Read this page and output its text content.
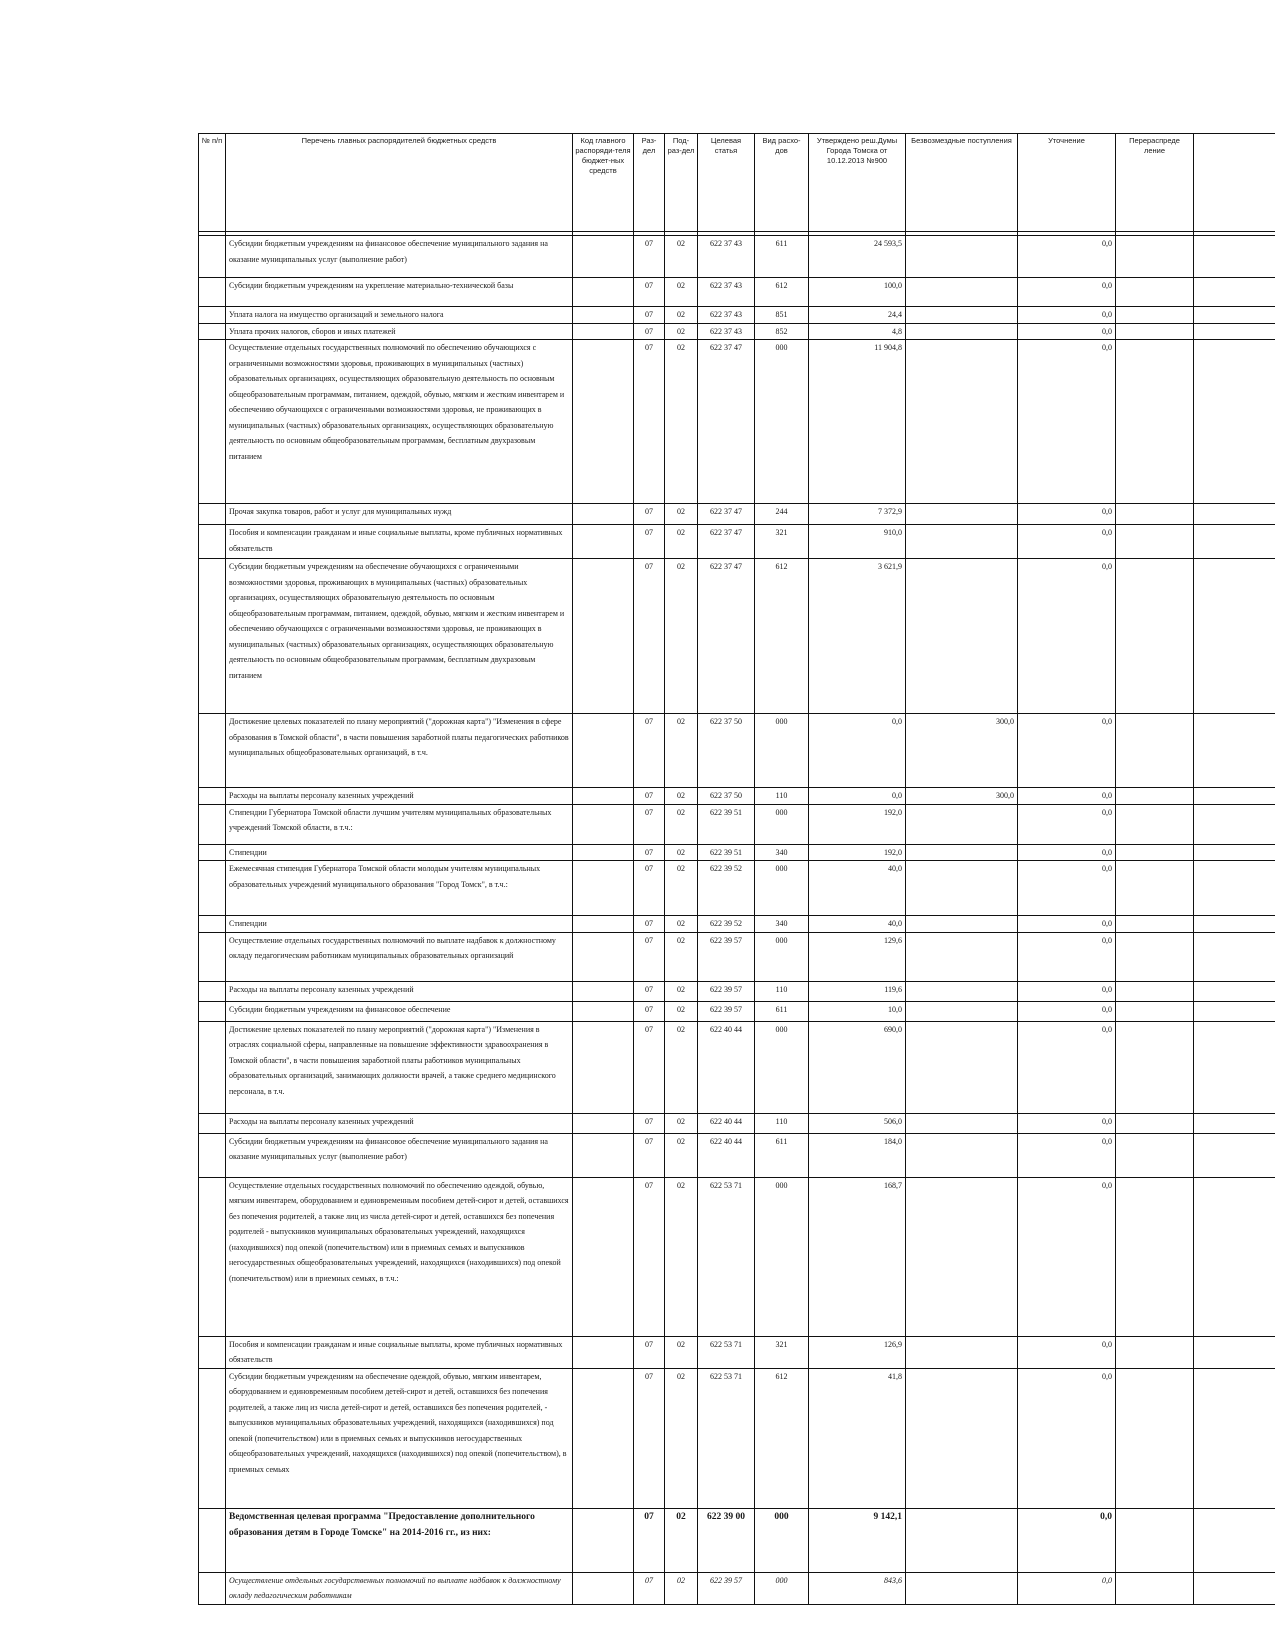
№ п/п	Перечень главных распорядителей бюджетных средств	Код главного распоряди-теля бюджет-ных средств	Раз-дел	Под-раз-дел	Целевая статья	Вид расхо-дов	Утверждено реш.Думы Города Томска от 10.12.2013 №900	Безвозмездные поступления	Уточнение	Перераспреде ление	

	Субсидии бюджетным учреждениям на финансовое обеспечение муниципального задания на оказание муниципальных услуг (выполнение работ)		07	02	622 37 43	611	24 593,5		0,0		
	Субсидии бюджетным учреждениям на укрепление материально-технической базы		07	02	622 37 43	612	100,0		0,0		
	Уплата налога на имущество организаций и земельного налога		07	02	622 37 43	851	24,4		0,0		
	Уплата прочих налогов, сборов и иных платежей		07	02	622 37 43	852	4,8		0,0		
	Осуществление отдельных государственных полномочий по обеспечению обучающихся с ограниченными возможностями здоровья, проживающих в муниципальных (частных) образовательных организациях, осуществляющих образовательную деятельность по основным общеобразовательным программам, питанием, одеждой, обувью, мягким и жестким инвентарем и обеспечению обучающихся с ограниченными возможностями здоровья, не проживающих в муниципальных (частных) образовательных организациях, осуществляющих образовательную деятельность по основным общеобразовательным программам, бесплатным двухразовым питанием		07	02	622 37 47	000	11 904,8		0,0		
	Прочая закупка товаров, работ и услуг для муниципальных нужд		07	02	622 37 47	244	7 372,9		0,0		
	Пособия и компенсации гражданам и иные социальные выплаты, кроме публичных нормативных обязательств		07	02	622 37 47	321	910,0		0,0		
	Субсидии бюджетным учреждениям на обеспечение обучающихся с ограниченными возможностями здоровья, проживающих в муниципальных (частных) образовательных организациях, осуществляющих образовательную деятельность по основным общеобразовательным программам, питанием, одеждой, обувью, мягким и жестким инвентарем и обеспечению обучающихся с ограниченными возможностями здоровья, не проживающих в муниципальных (частных) образовательных организациях, осуществляющих образовательную деятельность по основным общеобразовательным программам, бесплатным двухразовым питанием		07	02	622 37 47	612	3 621,9		0,0		
	Достижение целевых показателей по плану мероприятий ("дорожная карта") "Изменения в сфере образования в Томской области", в части повышения заработной платы педагогических работников муниципальных общеобразовательных организаций, в т.ч.		07	02	622 37 50	000	0,0	300,0	0,0		
	Расходы на выплаты персоналу казенных учреждений		07	02	622 37 50	110	0,0	300,0	0,0		
	Стипендии Губернатора Томской области лучшим учителям муниципальных образовательных учреждений Томской области, в т.ч.:		07	02	622 39 51	000	192,0		0,0		
	Стипендии		07	02	622 39 51	340	192,0		0,0		
	Ежемесячная стипендия Губернатора Томской области молодым учителям муниципальных образовательных учреждений муниципального образования "Город Томск", в т.ч.:		07	02	622 39 52	000	40,0		0,0		
	Стипендии		07	02	622 39 52	340	40,0		0,0		
	Осуществление отдельных государственных полномочий по выплате надбавок к должностному окладу педагогическим работникам муниципальных образовательных организаций		07	02	622 39 57	000	129,6		0,0		
	Расходы на выплаты персоналу казенных учреждений		07	02	622 39 57	110	119,6		0,0		
	Субсидии бюджетным учреждениям на финансовое обеспечение		07	02	622 39 57	611	10,0		0,0		
	Достижение целевых показателей по плану мероприятий ("дорожная карта") "Изменения в отраслях социальной сферы, направленные на повышение эффективности здравоохранения в Томской области", в части повышения заработной платы работников муниципальных образовательных организаций, занимающих должности врачей, а также среднего медицинского персонала, в т.ч.		07	02	622 40 44	000	690,0		0,0		
	Расходы на выплаты персоналу казенных учреждений		07	02	622 40 44	110	506,0		0,0		
	Субсидии бюджетным учреждениям на финансовое обеспечение муниципального задания на оказание муниципальных услуг (выполнение работ)		07	02	622 40 44	611	184,0		0,0		
	Осуществление отдельных государственных полномочий по обеспечению одеждой, обувью, мягким инвентарем, оборудованием и единовременным пособием детей-сирот и детей, оставшихся без попечения родителей, а также лиц из числа детей-сирот и детей, оставшихся без попечения родителей - выпускников муниципальных образовательных учреждений, находящихся (находившихся) под опекой (попечительством) или в приемных семьях и выпускников негосударственных общеобразовательных учреждений, находящихся (находившихся) под опекой (попечительством) или в приемных семьях, в т.ч.:		07	02	622 53 71	000	168,7		0,0		
	Пособия и компенсации гражданам и иные социальные выплаты, кроме публичных нормативных обязательств		07	02	622 53 71	321	126,9		0,0		
	Субсидии бюджетным учреждениям на обеспечение одеждой, обувью, мягким инвентарем, оборудованием и единовременным пособием детей-сирот и детей, оставшихся без попечения родителей, а также лиц из числа детей-сирот и детей, оставшихся без попечения родителей, - выпускников муниципальных образовательных учреждений, находящихся (находившихся) под опекой (попечительством) или в приемных семьях и выпускников негосударственных общеобразовательных учреждений, находящихся (находившихся) под опекой (попечительством), в приемных семьях		07	02	622 53 71	612	41,8		0,0		
	Ведомственная целевая программа "Предоставление дополнительного образования детям в Городе Томске" на 2014-2016 гг., из них:		07	02	622 39 00	000	9 142,1		0,0		
	Осуществление отдельных государственных полномочий по выплате надбавок к должностному окладу педагогическим работникам		07	02	622 39 57	000	843,6		0,0		
